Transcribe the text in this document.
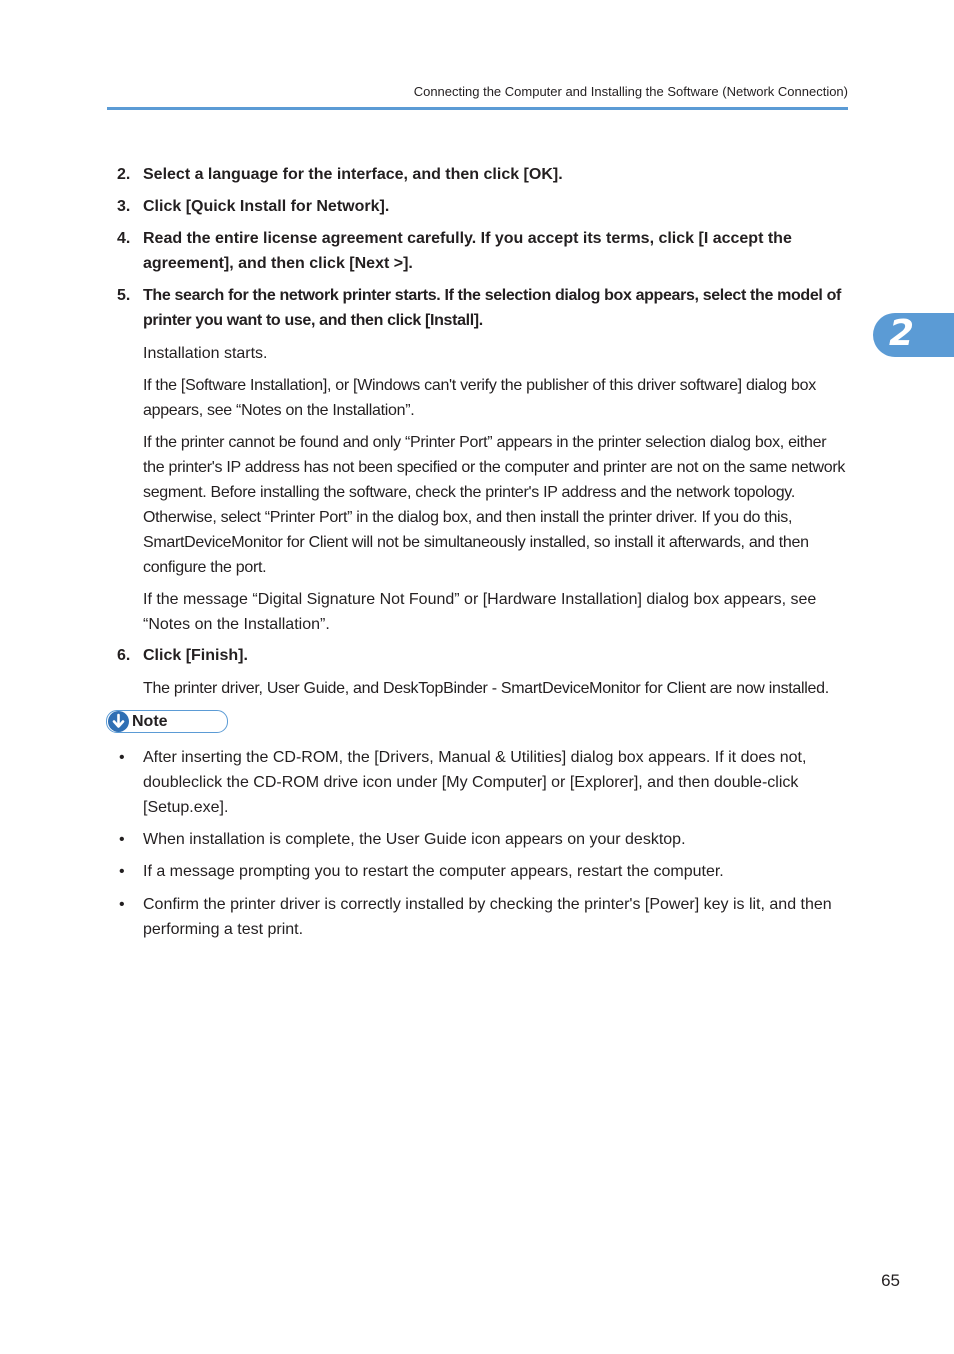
Connecting the Computer and Installing the Software (Network Connection)
2
2. Select a language for the interface, and then click [OK].
3. Click [Quick Install for Network].
4. Read the entire license agreement carefully. If you accept its terms, click [I accept the agreement], and then click [Next >].
5. The search for the network printer starts. If the selection dialog box appears, select the model of printer you want to use, and then click [Install].

Installation starts.

If the [Software Installation], or [Windows can't verify the publisher of this driver software] dialog box appears, see “Notes on the Installation”.

If the printer cannot be found and only “Printer Port” appears in the printer selection dialog box, either the printer's IP address has not been specified or the computer and printer are not on the same network segment. Before installing the software, check the printer's IP address and the network topology. Otherwise, select “Printer Port” in the dialog box, and then install the printer driver. If you do this, SmartDeviceMonitor for Client will not be simultaneously installed, so install it afterwards, and then configure the port.

If the message “Digital Signature Not Found” or [Hardware Installation] dialog box appears, see “Notes on the Installation”.

6. Click [Finish].

The printer driver, User Guide, and DeskTopBinder - SmartDeviceMonitor for Client are now installed.

Note
• After inserting the CD-ROM, the [Drivers, Manual & Utilities] dialog box appears. If it does not, doubleclick the CD-ROM drive icon under [My Computer] or [Explorer], and then double-click [Setup.exe].
• When installation is complete, the User Guide icon appears on your desktop.
• If a message prompting you to restart the computer appears, restart the computer.
• Confirm the printer driver is correctly installed by checking the printer's [Power] key is lit, and then performing a test print.
65
